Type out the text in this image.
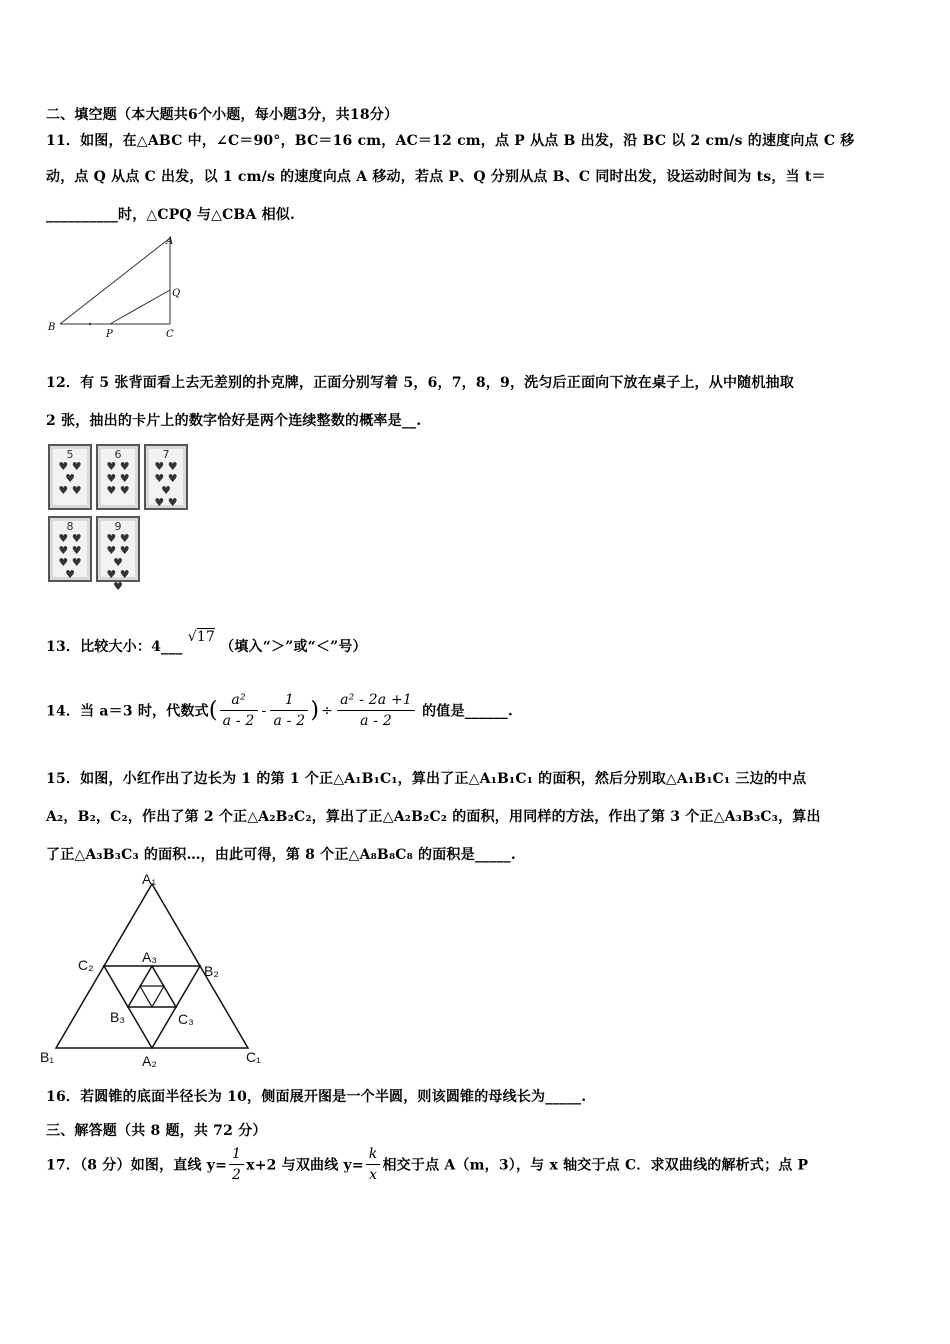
二、填空题（本大题共6个小题，每小题3分，共18分）
11．如图，在△ABC 中，∠C＝90°，BC＝16 cm，AC＝12 cm，点 P 从点 B 出发，沿 BC 以 2 cm/s 的速度向点 C 移
动，点 Q 从点 C 出发，以 1 cm/s 的速度向点 A 移动，若点 P、Q 分别从点 B、C 同时出发，设运动时间为 ts，当 t＝
__________时，△CPQ 与△CBA 相似.
A
B
C
P
Q
12．有 5 张背面看上去无差别的扑克牌，正面分别写着 5，6，7，8，9，洗匀后正面向下放在桌子上，从中随机抽取
2 张，抽出的卡片上的数字恰好是两个连续整数的概率是__.
5
♥ ♥
♥
♥ ♥
6
♥ ♥
♥ ♥
♥ ♥
7
♥ ♥
♥ ♥ ♥
♥ ♥
8
♥ ♥
♥ ♥
♥ ♥ ♥
9
♥ ♥
♥ ♥ ♥
♥ ♥ ♥
13．比较大小：4___ √17 （填入“＞”或“＜”号）
14．当 a＝3 时，代数式( $\frac{\text{a²}}{a - 2} - \frac{1}{a - 2}$ ) ÷ $\frac{\text{a² - 2a +1}}{a - 2}$ 的值是______.
15．如图，小红作出了边长为 1 的第 1 个正△A₁B₁C₁，算出了正△A₁B₁C₁ 的面积，然后分别取△A₁B₁C₁ 三边的中点
A₂，B₂，C₂，作出了第 2 个正△A₂B₂C₂，算出了正△A₂B₂C₂ 的面积，用同样的方法，作出了第 3 个正△A₃B₃C₃，算出
了正△A₃B₃C₃ 的面积…，由此可得，第 8 个正△A₈B₈C₈ 的面积是_____.
A₁
B₁	C₁
A₂
B₂
C₂	A₃
B₃	C₃
16．若圆锥的底面半径长为 10，侧面展开图是一个半圆，则该圆锥的母线长为_____.
三、解答题（共 8 题，共 72 分）
17．（8 分）如图，直线 $y= \frac{1}{2} x+2$ 与双曲线 $y= \frac{k}{x}$ 相交于点 A（m，3），与 x 轴交于点 C．求双曲线的解析式；点 P
